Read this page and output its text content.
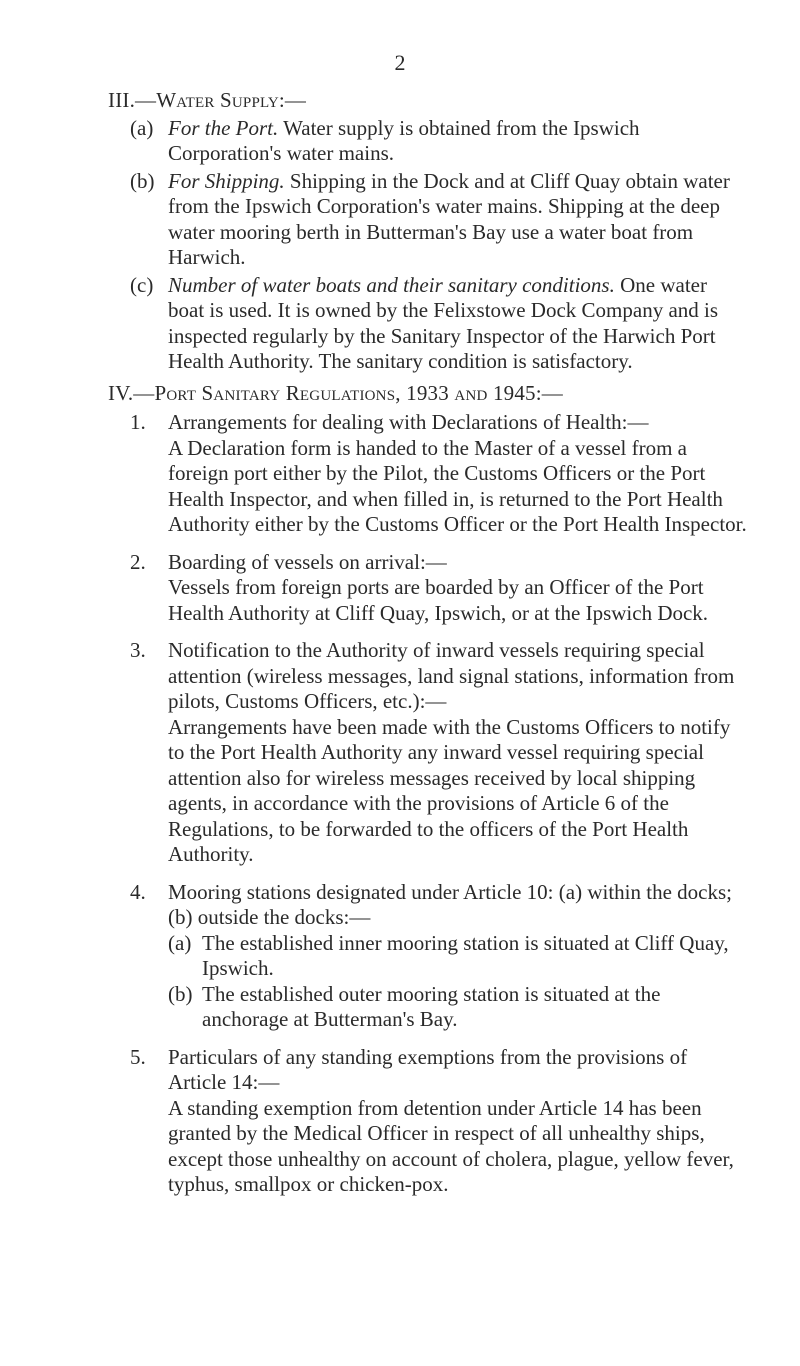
2

III.—Water Supply:—

(a) For the Port. Water supply is obtained from the Ipswich Corporation's water mains.

(b) For Shipping. Shipping in the Dock and at Cliff Quay obtain water from the Ipswich Corporation's water mains. Shipping at the deep water mooring berth in Butterman's Bay use a water boat from Harwich.

(c) Number of water boats and their sanitary conditions. One water boat is used. It is owned by the Felixstowe Dock Company and is inspected regularly by the Sanitary Inspector of the Harwich Port Health Authority. The sanitary condition is satisfactory.

IV.—Port Sanitary Regulations, 1933 and 1945:—

1. Arrangements for dealing with Declarations of Health:—

A Declaration form is handed to the Master of a vessel from a foreign port either by the Pilot, the Customs Officers or the Port Health Inspector, and when filled in, is returned to the Port Health Authority either by the Customs Officer or the Port Health Inspector.

2. Boarding of vessels on arrival:—

Vessels from foreign ports are boarded by an Officer of the Port Health Authority at Cliff Quay, Ipswich, or at the Ipswich Dock.

3. Notification to the Authority of inward vessels requiring special attention (wireless messages, land signal stations, information from pilots, Customs Officers, etc.):—

Arrangements have been made with the Customs Officers to notify to the Port Health Authority any inward vessel requiring special attention also for wireless messages received by local shipping agents, in accordance with the provisions of Article 6 of the Regulations, to be forwarded to the officers of the Port Health Authority.

4. Mooring stations designated under Article 10: (a) within the docks; (b) outside the docks:—

(a) The established inner mooring station is situated at Cliff Quay, Ipswich.

(b) The established outer mooring station is situated at the anchorage at Butterman's Bay.

5. Particulars of any standing exemptions from the provisions of Article 14:—

A standing exemption from detention under Article 14 has been granted by the Medical Officer in respect of all unhealthy ships, except those unhealthy on account of cholera, plague, yellow fever, typhus, smallpox or chicken-pox.
